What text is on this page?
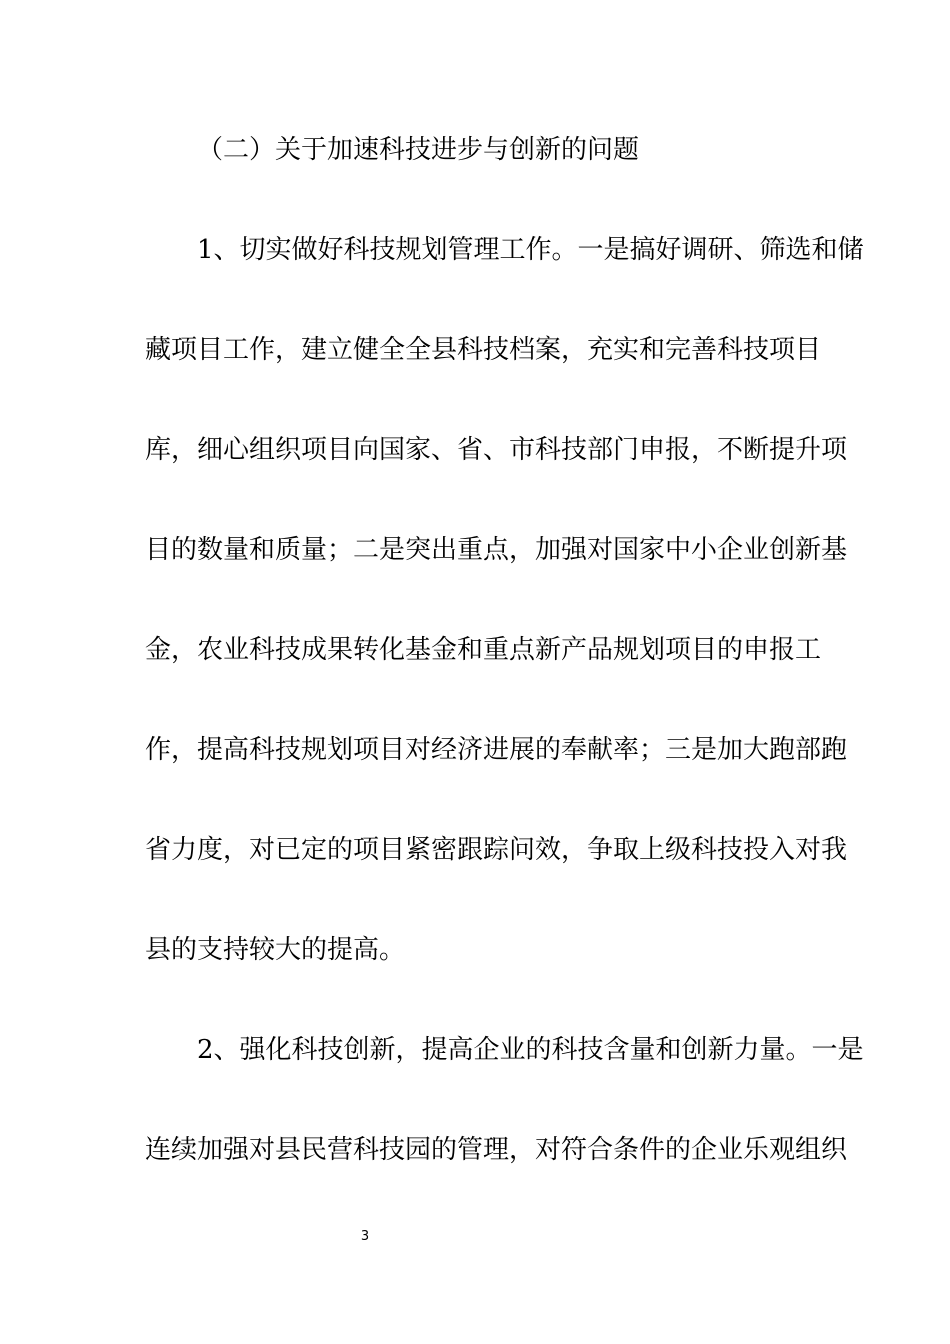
（二）关于加速科技进步与创新的问题
1、切实做好科技规划管理工作。一是搞好调研、筛选和储
藏项目工作，建立健全全县科技档案，充实和完善科技项目
库，细心组织项目向国家、省、市科技部门申报，不断提升项
目的数量和质量；二是突出重点，加强对国家中小企业创新基
金，农业科技成果转化基金和重点新产品规划项目的申报工
作，提高科技规划项目对经济进展的奉献率；三是加大跑部跑
省力度，对已定的项目紧密跟踪问效，争取上级科技投入对我
县的支持较大的提高。
2、强化科技创新，提高企业的科技含量和创新力量。一是
连续加强对县民营科技园的管理，对符合条件的企业乐观组织
3
